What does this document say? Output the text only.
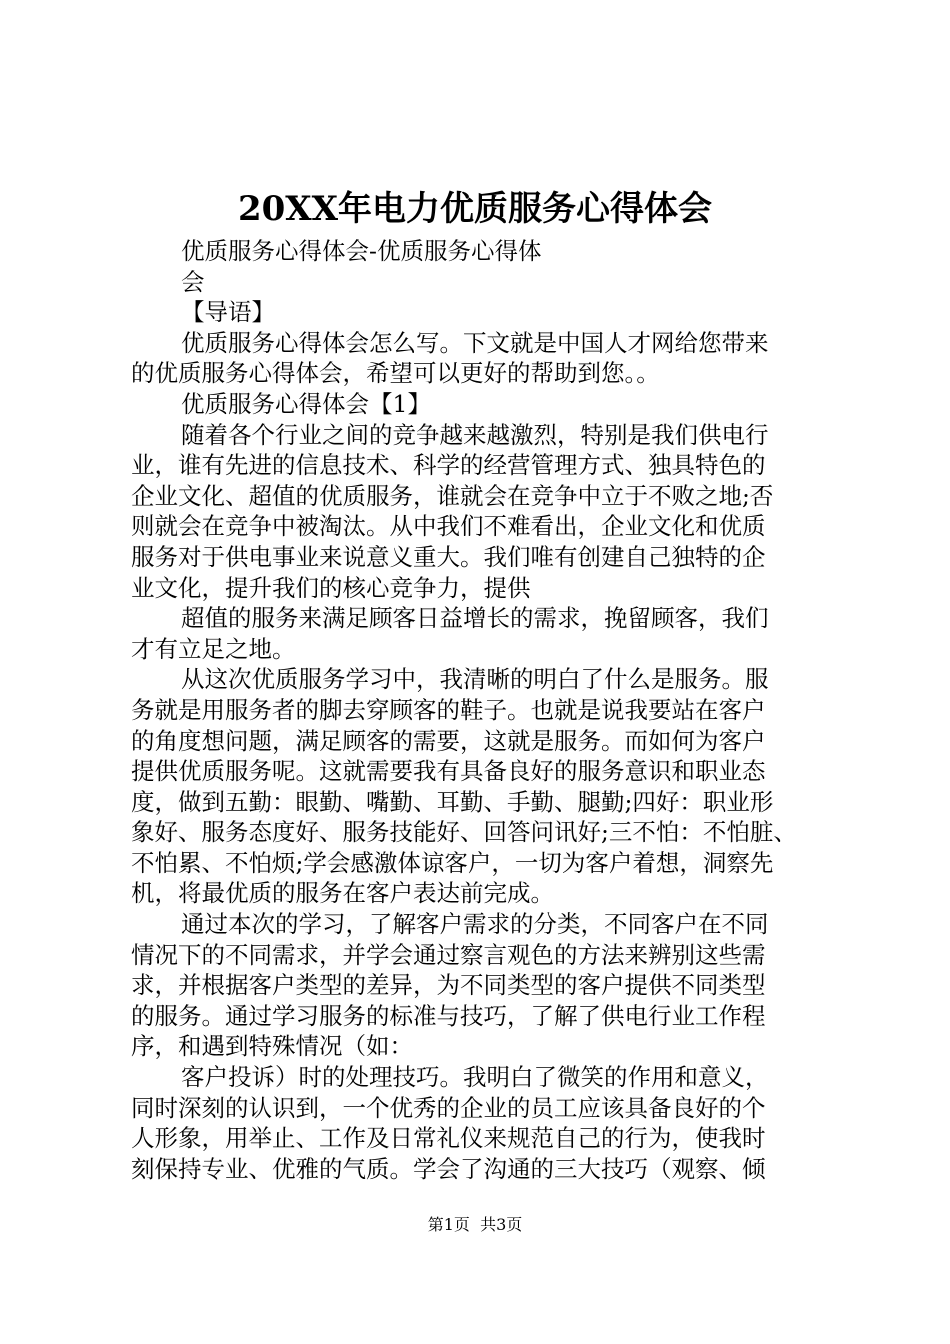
20XX年电力优质服务心得体会
优质服务心得体会-优质服务心得体
会
【导语】
优质服务心得体会怎么写。下文就是中国人才网给您带来
的优质服务心得体会，希望可以更好的帮助到您。。
优质服务心得体会【1】
随着各个行业之间的竞争越来越激烈，特别是我们供电行
业，谁有先进的信息技术、科学的经营管理方式、独具特色的
企业文化、超值的优质服务，谁就会在竞争中立于不败之地;否
则就会在竞争中被淘汰。从中我们不难看出，企业文化和优质
服务对于供电事业来说意义重大。我们唯有创建自己独特的企
业文化，提升我们的核心竞争力，提供
超值的服务来满足顾客日益增长的需求，挽留顾客，我们
才有立足之地。
从这次优质服务学习中，我清晰的明白了什么是服务。服
务就是用服务者的脚去穿顾客的鞋子。也就是说我要站在客户
的角度想问题，满足顾客的需要，这就是服务。而如何为客户
提供优质服务呢。这就需要我有具备良好的服务意识和职业态
度，做到五勤：眼勤、嘴勤、耳勤、手勤、腿勤;四好：职业形
象好、服务态度好、服务技能好、回答问讯好;三不怕：不怕脏、
不怕累、不怕烦;学会感激体谅客户，一切为客户着想，洞察先
机，将最优质的服务在客户表达前完成。
通过本次的学习，了解客户需求的分类，不同客户在不同
情况下的不同需求，并学会通过察言观色的方法来辨别这些需
求，并根据客户类型的差异，为不同类型的客户提供不同类型
的服务。通过学习服务的标准与技巧，了解了供电行业工作程
序，和遇到特殊情况（如：
客户投诉）时的处理技巧。我明白了微笑的作用和意义，
同时深刻的认识到，一个优秀的企业的员工应该具备良好的个
人形象，用举止、工作及日常礼仪来规范自己的行为，使我时
刻保持专业、优雅的气质。学会了沟通的三大技巧（观察、倾
第1页  共3页
